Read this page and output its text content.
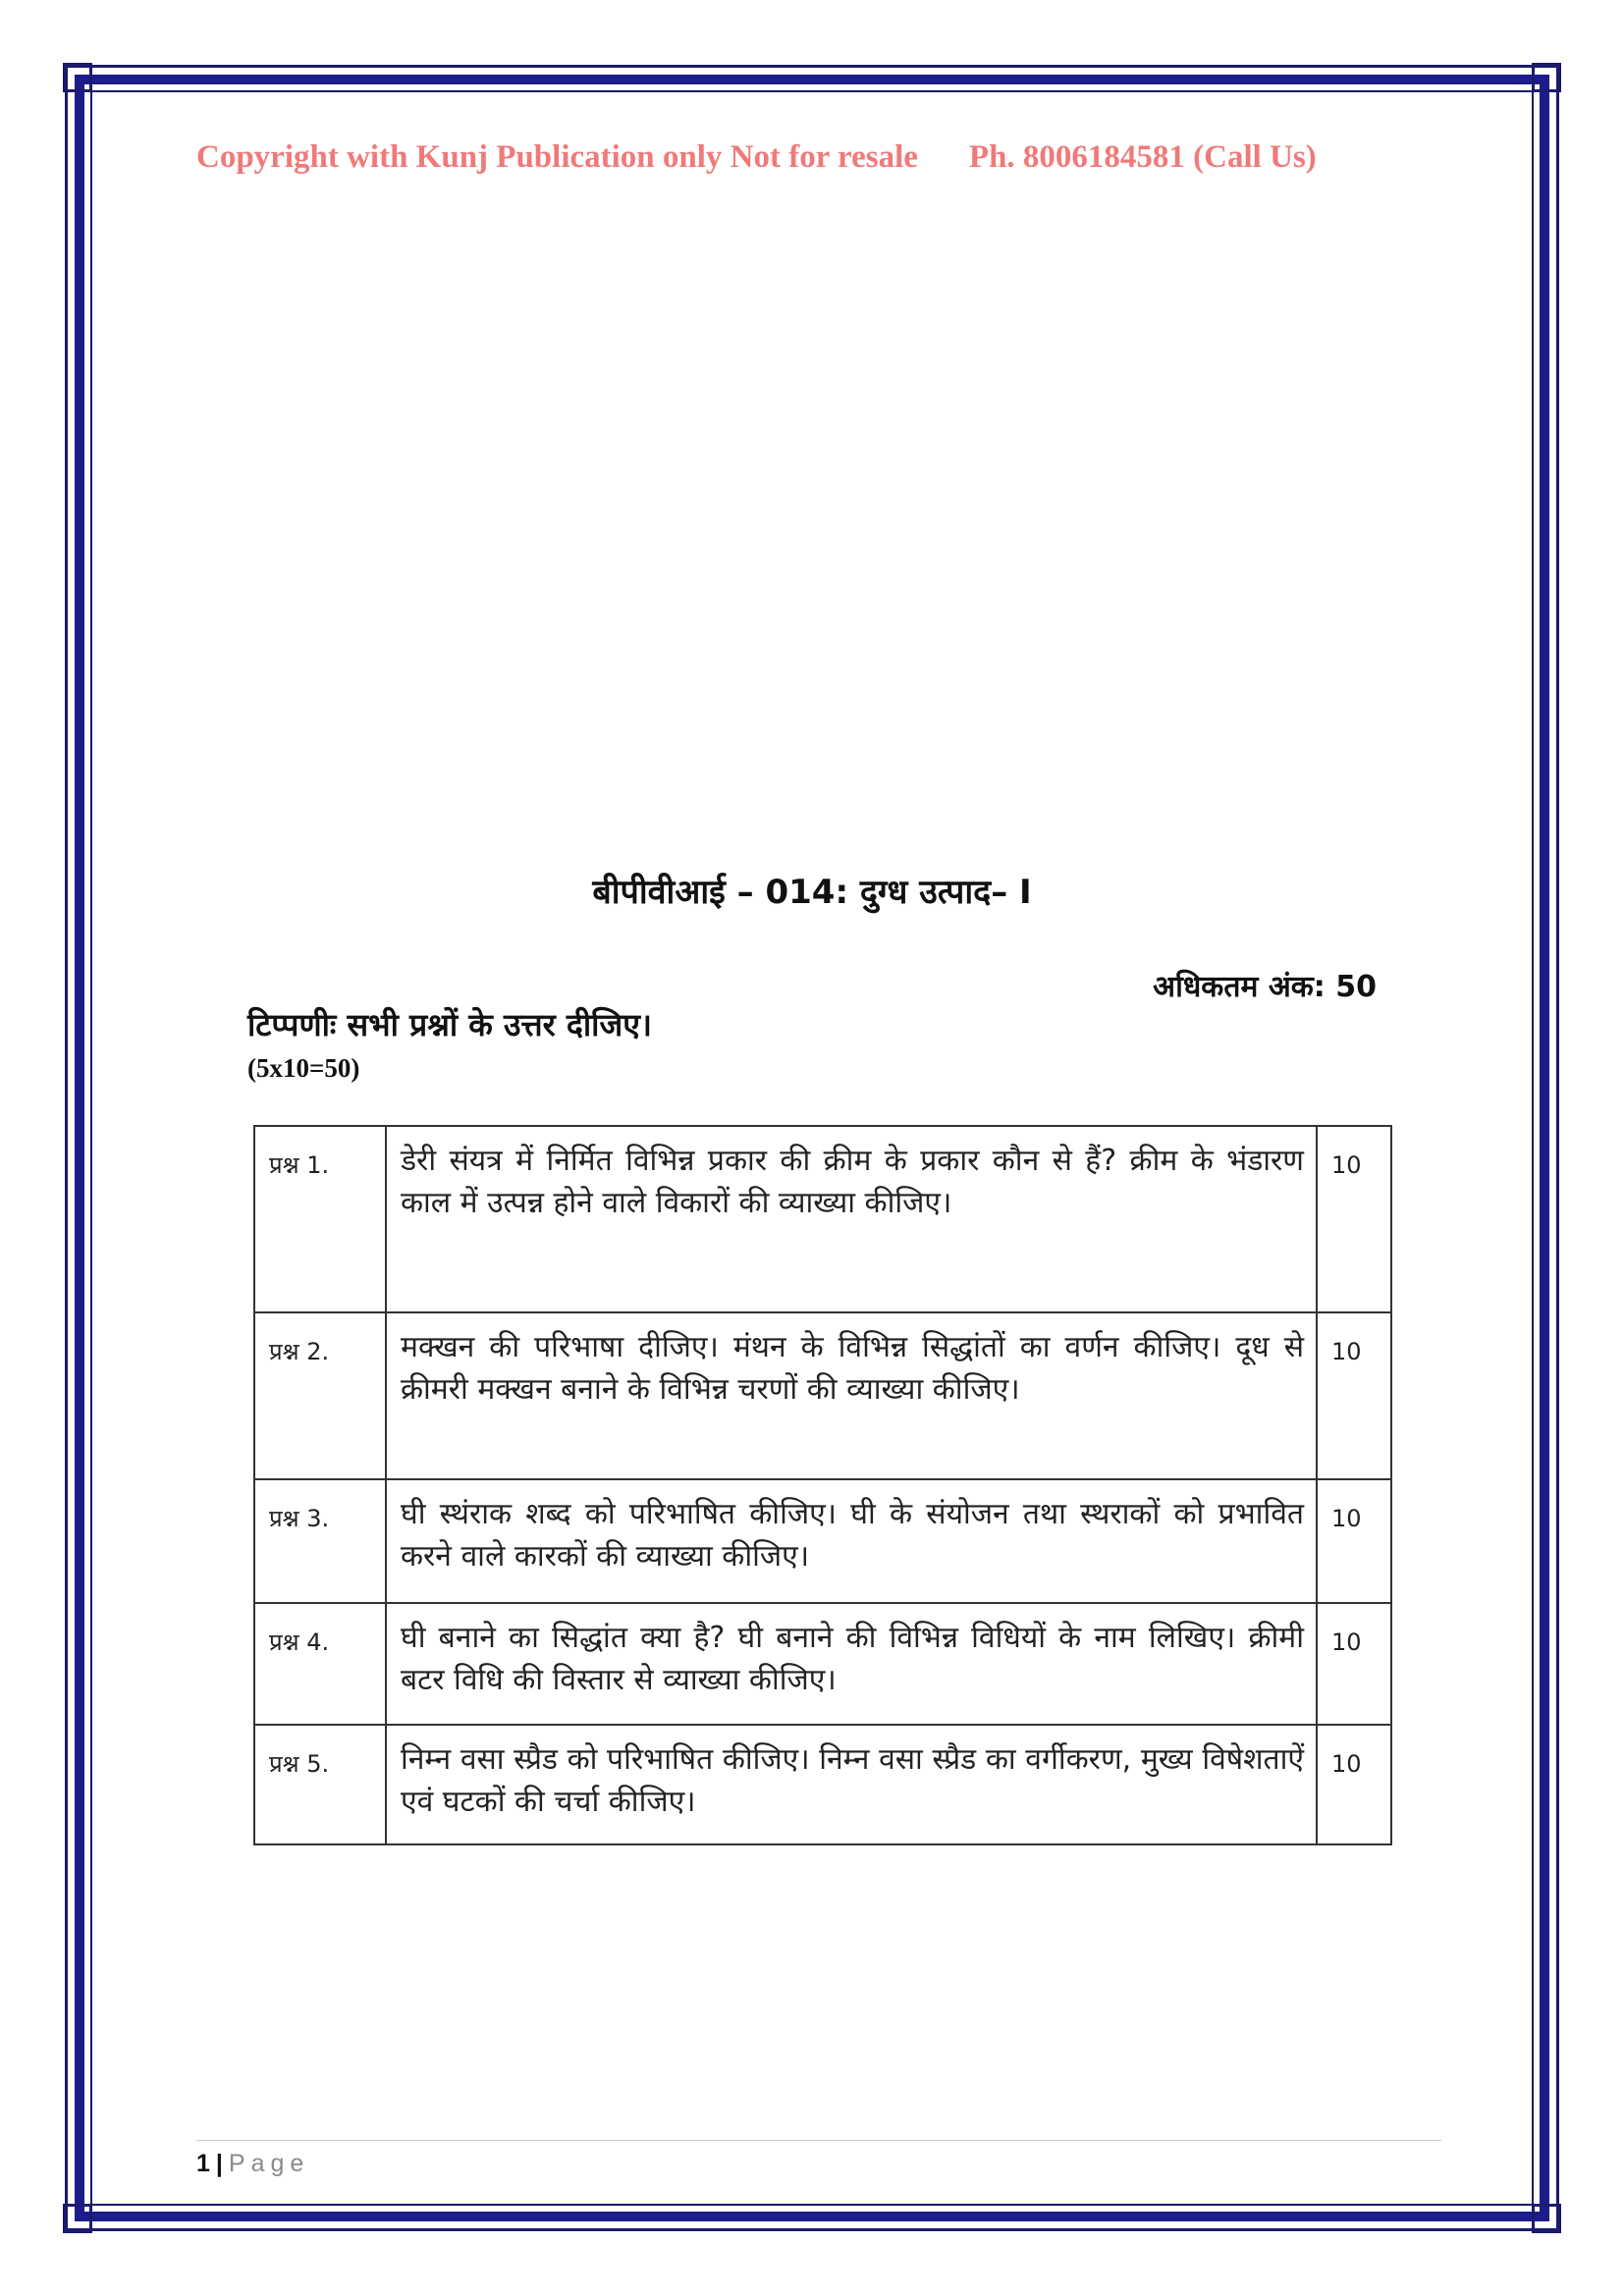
Copyright with Kunj Publication only Not for resale Ph. 8006184581 (Call Us)
बीपीवीआई – 014: दुग्ध उत्पाद– I
अधिकतम अंक: 50
टिप्पणीः सभी प्रश्नों के उत्तर दीजिए।
(5x10=50)
प्रश्न 1.	डेरी संयत्र में निर्मित विभिन्न प्रकार की क्रीम के प्रकार कौन से हैं? क्रीम के भंडारण काल में उत्पन्न होने वाले विकारों की व्याख्या कीजिए।	10
प्रश्न 2.	मक्खन की परिभाषा दीजिए। मंथन के विभिन्न सिद्धांतों का वर्णन कीजिए। दूध से क्रीमरी मक्खन बनाने के विभिन्न चरणों की व्याख्या कीजिए।	10
प्रश्न 3.	घी स्थंराक शब्द को परिभाषित कीजिए। घी के संयोजन तथा स्थराकों को प्रभावित करने वाले कारकों की व्याख्या कीजिए।	10
प्रश्न 4.	घी बनाने का सिद्धांत क्या है? घी बनाने की विभिन्न विधियों के नाम लिखिए। क्रीमी बटर विधि की विस्तार से व्याख्या कीजिए।	10
प्रश्न 5.	निम्न वसा स्प्रैड को परिभाषित कीजिए। निम्न वसा स्प्रैड का वर्गीकरण, मुख्य विषेशताऐं एवं घटकों की चर्चा कीजिए।	10
1 | Page
